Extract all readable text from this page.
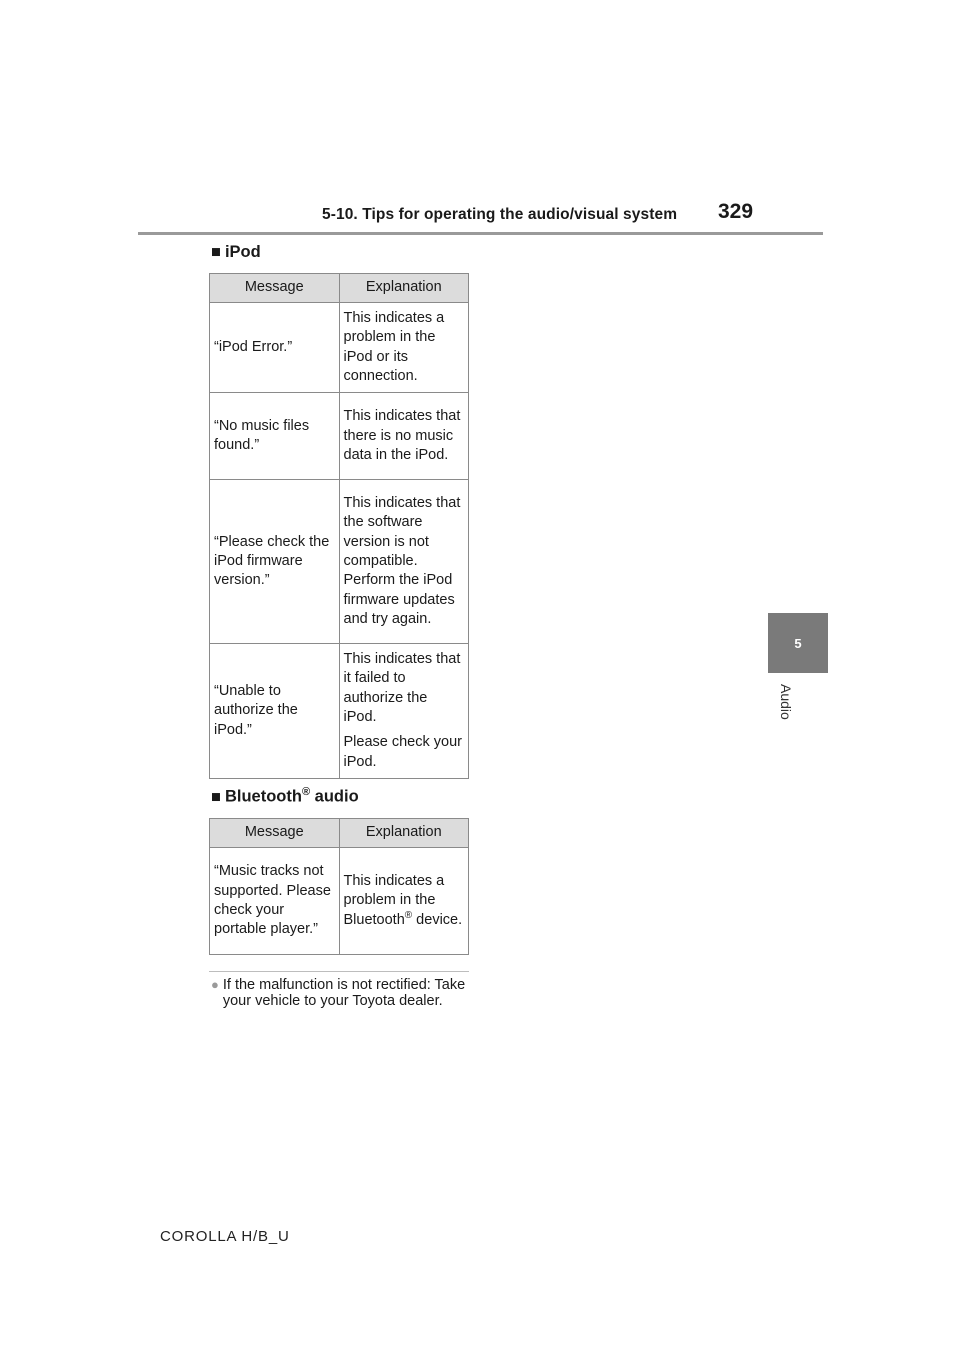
5-10. Tips for operating the audio/visual system 329
5
Audio
■ iPod
Message	Explanation
“iPod Error.”	This indicates a problem in the iPod or its connection.

“No music files found.”	This indicates that there is no music data in the iPod.

“Please check the iPod firmware version.”	This indicates that the software version is not compatible. Perform the iPod firmware updates and try again.

“Unable to authorize the iPod.”	This indicates that it failed to authorize the iPod.

Please check your iPod.

■ Bluetooth® audio
Message	Explanation
“Music tracks not supported. Please check your portable player.”	This indicates a problem in the Bluetooth® device.
● If the malfunction is not rectified: Take your vehicle to your Toyota dealer.
COROLLA H/B_U
